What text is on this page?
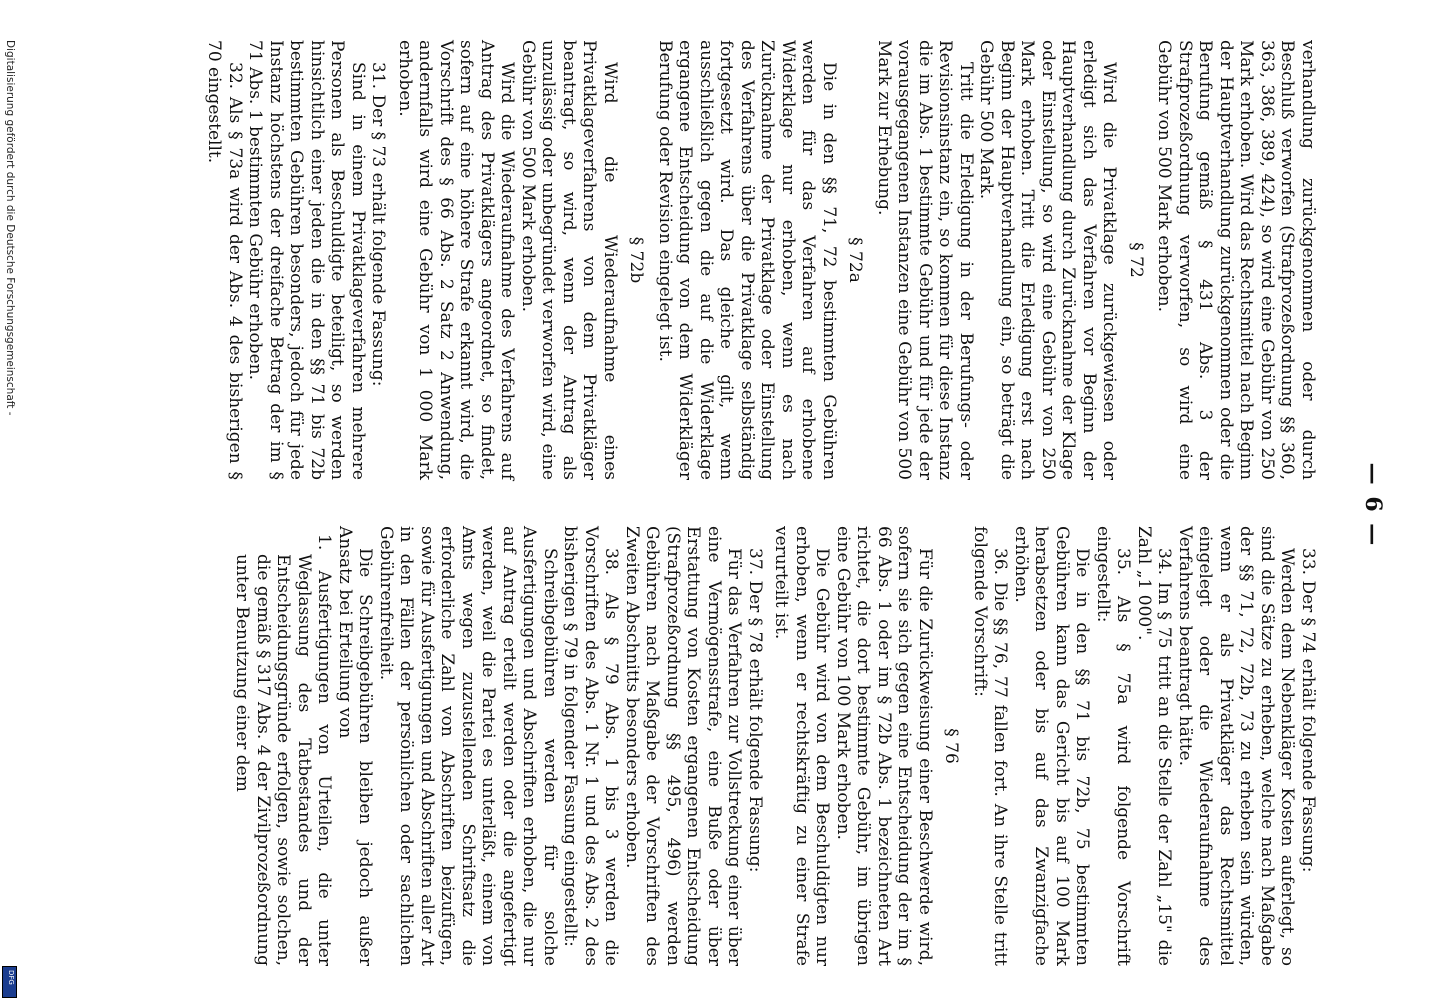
— 6 —

verhandlung zurückgenommen oder durch Beschluß verworfen (Strafprozeßordnung §§ 360, 363, 386, 389, 424), so wird eine Gebühr von 250 Mark erhoben. Wird das Rechtsmittel nach Beginn der Hauptverhandlung zurückgenommen oder die Berufung gemäß § 431 Abs. 3 der Strafprozeßordnung verworfen, so wird eine Gebühr von 500 Mark erhoben.

§ 72

Wird die Privatklage zurückgewiesen oder erledigt sich das Verfahren vor Beginn der Hauptverhandlung durch Zurücknahme der Klage oder Einstellung, so wird eine Gebühr von 250 Mark erhoben. Tritt die Erledigung erst nach Beginn der Hauptverhandlung ein, so beträgt die Gebühr 500 Mark.

Tritt die Erledigung in der Berufungs- oder Revisionsinstanz ein, so kommen für diese Instanz die im Abs. 1 bestimmte Gebühr und für jede der vorausgegangenen Instanzen eine Gebühr von 500 Mark zur Erhebung.

§ 72a

Die in den §§ 71, 72 bestimmten Gebühren werden für das Verfahren auf erhobene Widerklage nur erhoben, wenn es nach Zurücknahme der Privatklage oder Einstellung des Verfahrens über die Privatklage selbständig fortgesetzt wird. Das gleiche gilt, wenn ausschließlich gegen die auf die Widerklage ergangene Entscheidung von dem Widerkläger Berufung oder Revision eingelegt ist.

§ 72b

Wird die Wiederaufnahme eines Privatklageverfahrens von dem Privatkläger beantragt, so wird, wenn der Antrag als unzulässig oder unbegründet verworfen wird, eine Gebühr von 500 Mark erhoben.

Wird die Wiederaufnahme des Verfahrens auf Antrag des Privatklägers angeordnet, so findet, sofern auf eine höhere Strafe erkannt wird, die Vorschrift des § 66 Abs. 2 Satz 2 Anwendung, andernfalls wird eine Gebühr von 1 000 Mark erhoben.

31. Der § 73 erhält folgende Fassung:

Sind in einem Privatklageverfahren mehrere Personen als Beschuldigte beteiligt, so werden hinsichtlich einer jeden die in den §§ 71 bis 72b bestimmten Gebühren besonders, jedoch für jede Instanz höchstens der dreifache Betrag der im § 71 Abs. 1 bestimmten Gebühr erhoben.

32. Als § 73a wird der Abs. 4 des bisherigen § 70 eingestellt.

33. Der § 74 erhält folgende Fassung:

Werden dem Nebenkläger Kosten auferlegt, so sind die Sätze zu erheben, welche nach Maßgabe der §§ 71, 72, 72b, 73 zu erheben sein würden, wenn er als Privatkläger das Rechtsmittel eingelegt oder die Wiederaufnahme des Verfahrens beantragt hätte.

34. Im § 75 tritt an die Stelle der Zahl „15" die Zahl „1 000".

35. Als § 75a wird folgende Vorschrift eingestellt:

Die in den §§ 71 bis 72b, 75 bestimmten Gebühren kann das Gericht bis auf 100 Mark herabsetzen oder bis auf das Zwanzigfache erhöhen.

36. Die §§ 76, 77 fallen fort. An ihre Stelle tritt folgende Vorschrift:

§ 76

Für die Zurückweisung einer Beschwerde wird, sofern sie sich gegen eine Entscheidung der im § 66 Abs. 1 oder im § 72b Abs. 1 bezeichneten Art richtet, die dort bestimmte Gebühr, im übrigen eine Gebühr von 100 Mark erhoben.

Die Gebühr wird von dem Beschuldigten nur erhoben, wenn er rechtskräftig zu einer Strafe verurteilt ist.

37. Der § 78 erhält folgende Fassung:

Für das Verfahren zur Vollstreckung einer über eine Vermögensstrafe, eine Buße oder über Erstattung von Kosten ergangenen Entscheidung (Strafprozeßordnung §§ 495, 496) werden Gebühren nach Maßgabe der Vorschriften des Zweiten Abschnitts besonders erhoben.

38. Als § 79 Abs. 1 bis 3 werden die Vorschriften des Abs. 1 Nr. 1 und des Abs. 2 des bisherigen § 79 in folgender Fassung eingestellt:

Schreibgebühren werden für solche Ausfertigungen und Abschriften erhoben, die nur auf Antrag erteilt werden oder die angefertigt werden, weil die Partei es unterläßt, einem von Amts wegen zuzustellenden Schriftsatz die erforderliche Zahl von Abschriften beizufügen, sowie für Ausfertigungen und Abschriften aller Art in den Fällen der persönlichen oder sachlichen Gebührenfreiheit.

Die Schreibgebühren bleiben jedoch außer Ansatz bei Erteilung von

1. Ausfertigungen von Urteilen, die unter Weglassung des Tatbestandes und der Entscheidungsgründe erfolgen, sowie solchen, die gemäß § 317 Abs. 4 der Zivilprozeßordnung unter Benutzung einer dem

Digitalisierung gefördert durch die Deutsche Forschungsgemeinschaft -
DFG
